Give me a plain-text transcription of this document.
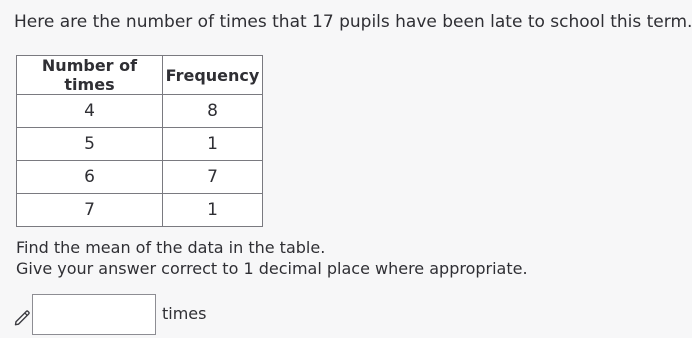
Here are the number of times that 17 pupils have been late to school this term.
Number of times	Frequency
4	8
5	1
6	7
7	1
Find the mean of the data in the table.
Give your answer correct to 1 decimal place where appropriate.
times
